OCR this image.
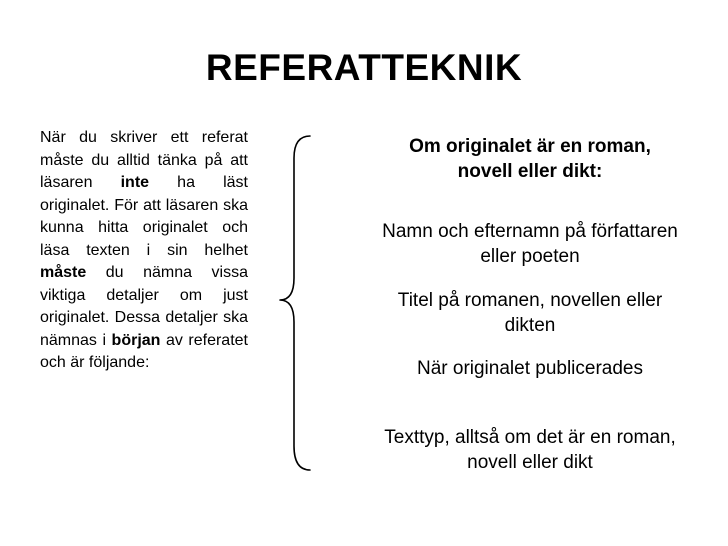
REFERATTEKNIK
När du skriver ett referat måste du alltid tänka på att läsaren inte ha läst originalet. För att läsaren ska kunna hitta originalet och läsa texten i sin helhet måste du nämna vissa viktiga detaljer om just originalet. Dessa detaljer ska nämnas i början av referatet och är följande:
Om originalet är en roman, novell eller dikt:
Namn och efternamn på författaren eller poeten
Titel på romanen, novellen eller dikten
När originalet publicerades
Texttyp, alltså om det är en roman, novell eller dikt
